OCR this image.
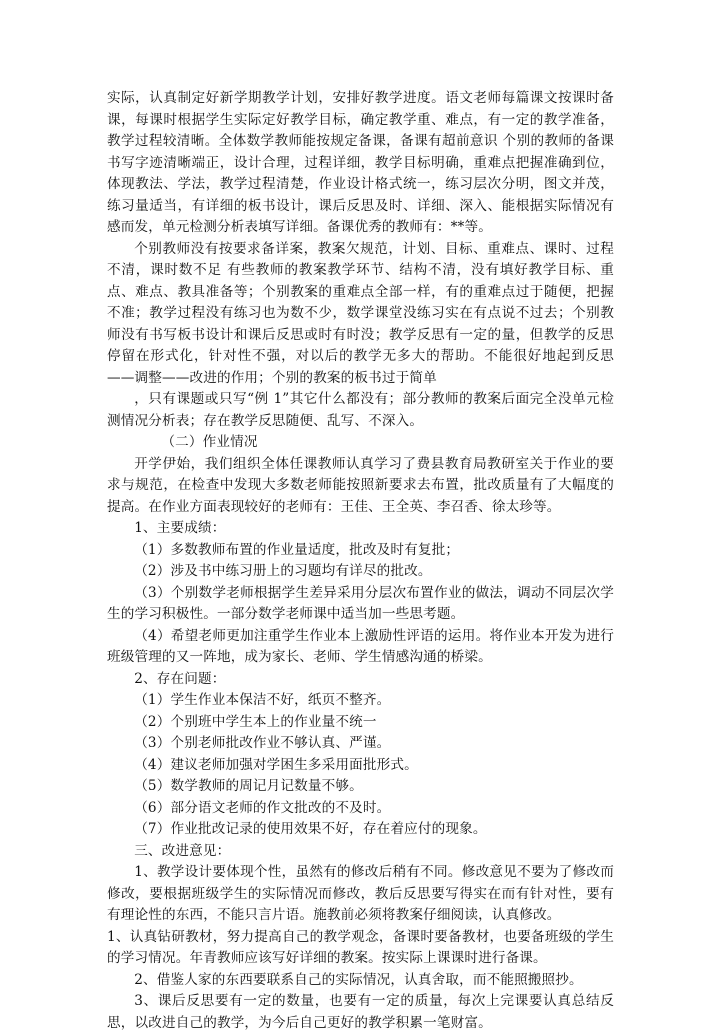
实际，认真制定好新学期教学计划，安排好教学进度。语文老师每篇课文按课时备课，每课时根据学生实际定好教学目标，确定教学重、难点，有一定的教学准备，教学过程较清晰。全体数学教师能按规定备课，备课有超前意识 个别的教师的备课书写字迹清晰端正，设计合理，过程详细，教学目标明确，重难点把握准确到位，体现教法、学法，教学过程清楚，作业设计格式统一，练习层次分明，图文并茂，练习量适当，有详细的板书设计，课后反思及时、详细、深入、能根据实际情况有感而发，单元检测分析表填写详细。备课优秀的教师有：**等。

个别教师没有按要求备详案，教案欠规范，计划、目标、重难点、课时、过程不清，课时数不足 有些教师的教案教学环节、结构不清，没有填好教学目标、重点、难点、教具准备等；个别教案的重难点全部一样，有的重难点过于随便，把握不准；教学过程没有练习也为数不少，数学课堂没练习实在有点说不过去；个别教师没有书写板书设计和课后反思或时有时没；教学反思有一定的量，但教学的反思停留在形式化，针对性不强，对以后的教学无多大的帮助。不能很好地起到反思——调整——改进的作用；个别的教案的板书过于简单

，只有课题或只写“例 1”其它什么都没有；部分教师的教案后面完全没单元检测情况分析表；存在教学反思随便、乱写、不深入。

（二）作业情况

开学伊始，我们组织全体任课教师认真学习了费县教育局教研室关于作业的要求与规范，在检查中发现大多数老师能按照新要求去布置，批改质量有了大幅度的提高。在作业方面表现较好的老师有：王佳、王全英、李召香、徐太珍等。

1、主要成绩：

（1）多数教师布置的作业量适度，批改及时有复批；

（2）涉及书中练习册上的习题均有详尽的批改。

（3）个别数学老师根据学生差异采用分层次布置作业的做法，调动不同层次学生的学习积极性。一部分数学老师课中适当加一些思考题。

（4）希望老师更加注重学生作业本上激励性评语的运用。将作业本开发为进行班级管理的又一阵地，成为家长、老师、学生情感沟通的桥梁。

2、存在问题：

（1）学生作业本保洁不好，纸页不整齐。

（2）个别班中学生本上的作业量不统一

（3）个别老师批改作业不够认真、严谨。

（4）建议老师加强对学困生多采用面批形式。

（5）数学教师的周记月记数量不够。

（6）部分语文老师的作文批改的不及时。

（7）作业批改记录的使用效果不好，存在着应付的现象。

三、改进意见：

1、教学设计要体现个性，虽然有的修改后稍有不同。修改意见不要为了修改而修改，要根据班级学生的实际情况而修改，教后反思要写得实在而有针对性，要有有理论性的东西，不能只言片语。施教前必须将教案仔细阅读，认真修改。

1、认真钻研教材，努力提高自己的教学观念，备课时要备教材，也要备班级的学生的学习情况。年青教师应该写好详细的教案。按实际上课课时进行备课。

2、借鉴人家的东西要联系自己的实际情况，认真舍取，而不能照搬照抄。

3、课后反思要有一定的数量，也要有一定的质量，每次上完课要认真总结反思，以改进自己的教学，为今后自己更好的教学积累一笔财富。
